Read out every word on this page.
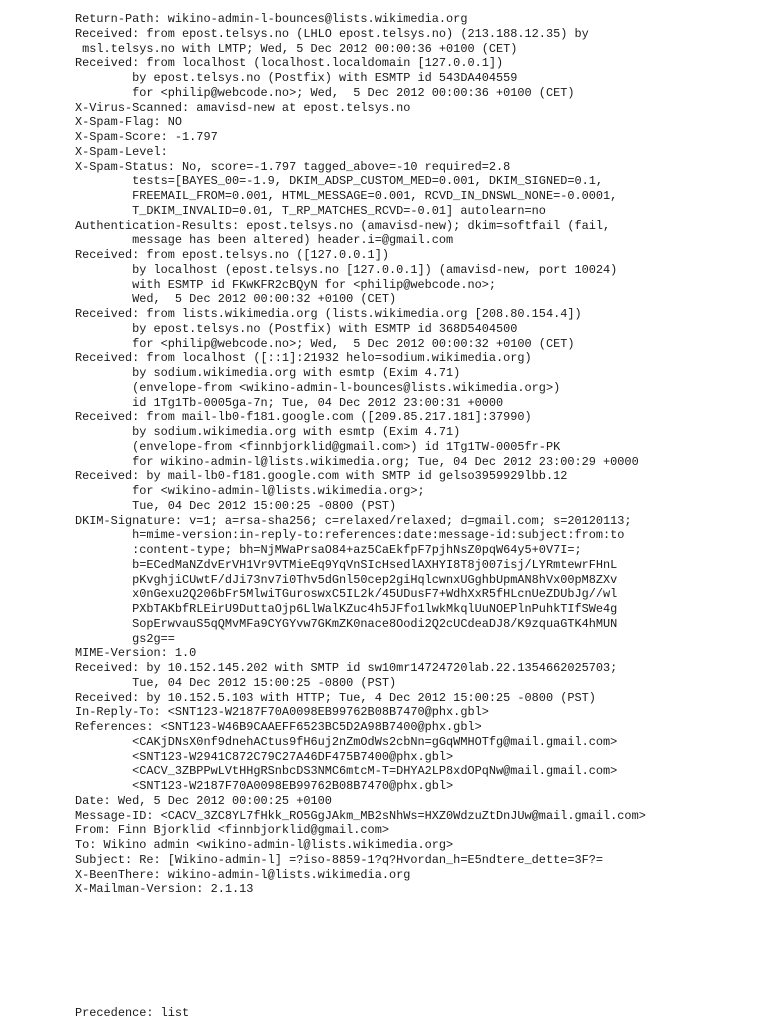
Return-Path: wikino-admin-l-bounces@lists.wikimedia.org
Received: from epost.telsys.no (LHLO epost.telsys.no) (213.188.12.35) by
msl.telsys.no with LMTP; Wed, 5 Dec 2012 00:00:36 +0100 (CET)
Received: from localhost (localhost.localdomain [127.0.0.1])
by epost.telsys.no (Postfix) with ESMTP id 543DA404559
for <philip@webcode.no>; Wed,  5 Dec 2012 00:00:36 +0100 (CET)
X-Virus-Scanned: amavisd-new at epost.telsys.no
X-Spam-Flag: NO
X-Spam-Score: -1.797
X-Spam-Level:
X-Spam-Status: No, score=-1.797 tagged_above=-10 required=2.8
tests=[BAYES_00=-1.9, DKIM_ADSP_CUSTOM_MED=0.001, DKIM_SIGNED=0.1,
FREEMAIL_FROM=0.001, HTML_MESSAGE=0.001, RCVD_IN_DNSWL_NONE=-0.0001,
T_DKIM_INVALID=0.01, T_RP_MATCHES_RCVD=-0.01] autolearn=no
Authentication-Results: epost.telsys.no (amavisd-new); dkim=softfail (fail,
message has been altered) header.i=@gmail.com
Received: from epost.telsys.no ([127.0.0.1])
by localhost (epost.telsys.no [127.0.0.1]) (amavisd-new, port 10024)
with ESMTP id FKwKFR2cBQyN for <philip@webcode.no>;
Wed,  5 Dec 2012 00:00:32 +0100 (CET)
Received: from lists.wikimedia.org (lists.wikimedia.org [208.80.154.4])
by epost.telsys.no (Postfix) with ESMTP id 368D5404500
for <philip@webcode.no>; Wed,  5 Dec 2012 00:00:32 +0100 (CET)
Received: from localhost ([::1]:21932 helo=sodium.wikimedia.org)
by sodium.wikimedia.org with esmtp (Exim 4.71)
(envelope-from <wikino-admin-l-bounces@lists.wikimedia.org>)
id 1Tg1Tb-0005ga-7n; Tue, 04 Dec 2012 23:00:31 +0000
Received: from mail-lb0-f181.google.com ([209.85.217.181]:37990)
by sodium.wikimedia.org with esmtp (Exim 4.71)
(envelope-from <finnbjorklid@gmail.com>) id 1Tg1TW-0005fr-PK
for wikino-admin-l@lists.wikimedia.org; Tue, 04 Dec 2012 23:00:29 +0000
Received: by mail-lb0-f181.google.com with SMTP id gelso3959929lbb.12
for <wikino-admin-l@lists.wikimedia.org>;
Tue, 04 Dec 2012 15:00:25 -0800 (PST)
DKIM-Signature: v=1; a=rsa-sha256; c=relaxed/relaxed; d=gmail.com; s=20120113;
h=mime-version:in-reply-to:references:date:message-id:subject:from:to
:content-type; bh=NjMWaPrsaO84+az5CaEkfpF7pjhNsZ0pqW64y5+0V7I=;
b=ECedMaNZdvErVH1Vr9VTMieEq9YqVnSIcHsedlAXHYI8T8j007isj/LYRmtewrFHnL
pKvghjiCUwtF/dJi73nv7i0Thv5dGnl50cep2giHqlcwnxUGghbUpmAN8hVx00pM8ZXv
x0nGexu2Q206bFr5MlwiTGuroswxC5IL2k/45UDusF7+WdhXxR5fHLcnUeZDUbJg//wl
PXbTAKbfRLEirU9DuttaOjp6LlWalKZuc4h5JFfo1lwkMkqlUuNOEPlnPuhkTIfSWe4g
SopErwvauS5qQMvMFa9CYGYvw7GKmZK0nace8Oodi2Q2cUCdeaDJ8/K9zquaGTK4hMUN
gs2g==
MIME-Version: 1.0
Received: by 10.152.145.202 with SMTP id sw10mr14724720lab.22.1354662025703;
Tue, 04 Dec 2012 15:00:25 -0800 (PST)
Received: by 10.152.5.103 with HTTP; Tue, 4 Dec 2012 15:00:25 -0800 (PST)
In-Reply-To: <SNT123-W2187F70A0098EB99762B08B7470@phx.gbl>
References: <SNT123-W46B9CAAEFF6523BC5D2A98B7400@phx.gbl>
<CAKjDNsX0nf9dnehACtus9fH6uj2nZmOdWs2cbNn=gGqWMHOTfg@mail.gmail.com>
<SNT123-W2941C872C79C27A46DF475B7400@phx.gbl>
<CACV_3ZBPPwLVtHHgRSnbcDS3NMC6mtcM-T=DHYA2LP8xdOPqNw@mail.gmail.com>
<SNT123-W2187F70A0098EB99762B08B7470@phx.gbl>
Date: Wed, 5 Dec 2012 00:00:25 +0100
Message-ID: <CACV_3ZC8YL7fHkk_RO5GgJAkm_MB2sNhWs=HXZ0WdzuZtDnJUw@mail.gmail.com>
From: Finn Bjorklid <finnbjorklid@gmail.com>
To: Wikino admin <wikino-admin-l@lists.wikimedia.org>
Subject: Re: [Wikino-admin-l] =?iso-8859-1?q?Hvordan_h=E5ndtere_dette=3F?=
X-BeenThere: wikino-admin-l@lists.wikimedia.org
X-Mailman-Version: 2.1.13
Precedence: list
